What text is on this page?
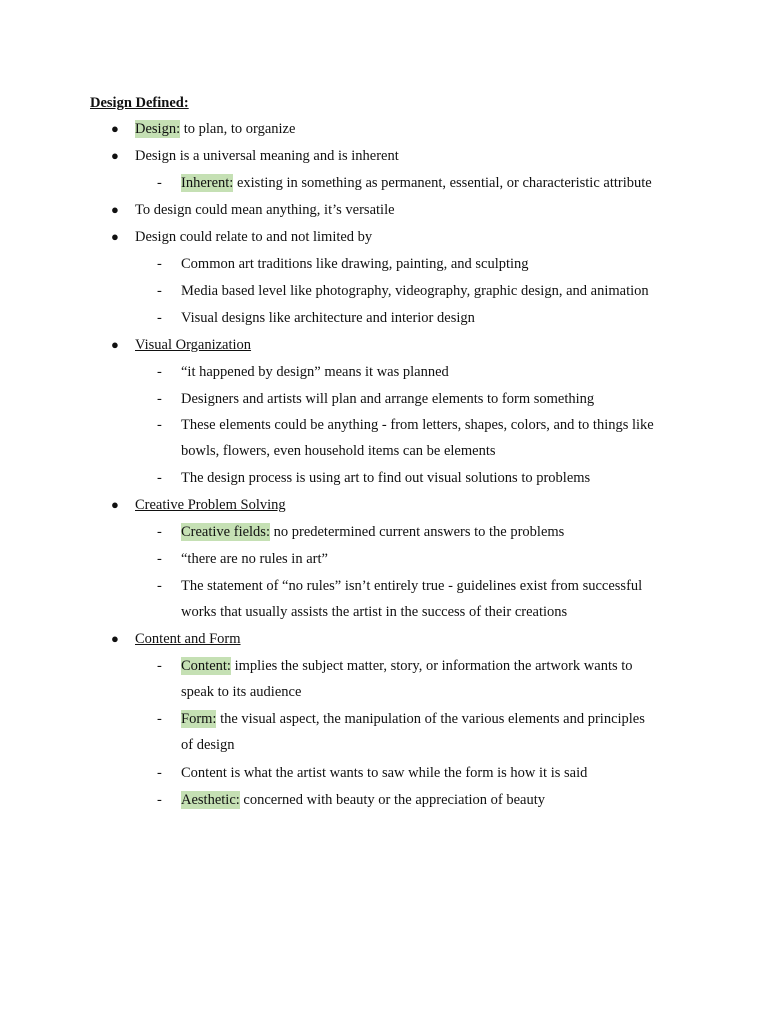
Design Defined:
● Design: to plan, to organize
● Design is a universal meaning and is inherent
- Inherent: existing in something as permanent, essential, or characteristic attribute
● To design could mean anything, it’s versatile
● Design could relate to and not limited by
- Common art traditions like drawing, painting, and sculpting
- Media based level like photography, videography, graphic design, and animation
- Visual designs like architecture and interior design
● Visual Organization
- “it happened by design” means it was planned
- Designers and artists will plan and arrange elements to form something
- These elements could be anything - from letters, shapes, colors, and to things like
bowls, flowers, even household items can be elements
- The design process is using art to find out visual solutions to problems
● Creative Problem Solving
- Creative fields: no predetermined current answers to the problems
- “there are no rules in art”
- The statement of “no rules” isn’t entirely true - guidelines exist from successful
works that usually assists the artist in the success of their creations
● Content and Form
- Content: implies the subject matter, story, or information the artwork wants to
speak to its audience
- Form: the visual aspect, the manipulation of the various elements and principles
of design
- Content is what the artist wants to saw while the form is how it is said
- Aesthetic: concerned with beauty or the appreciation of beauty
